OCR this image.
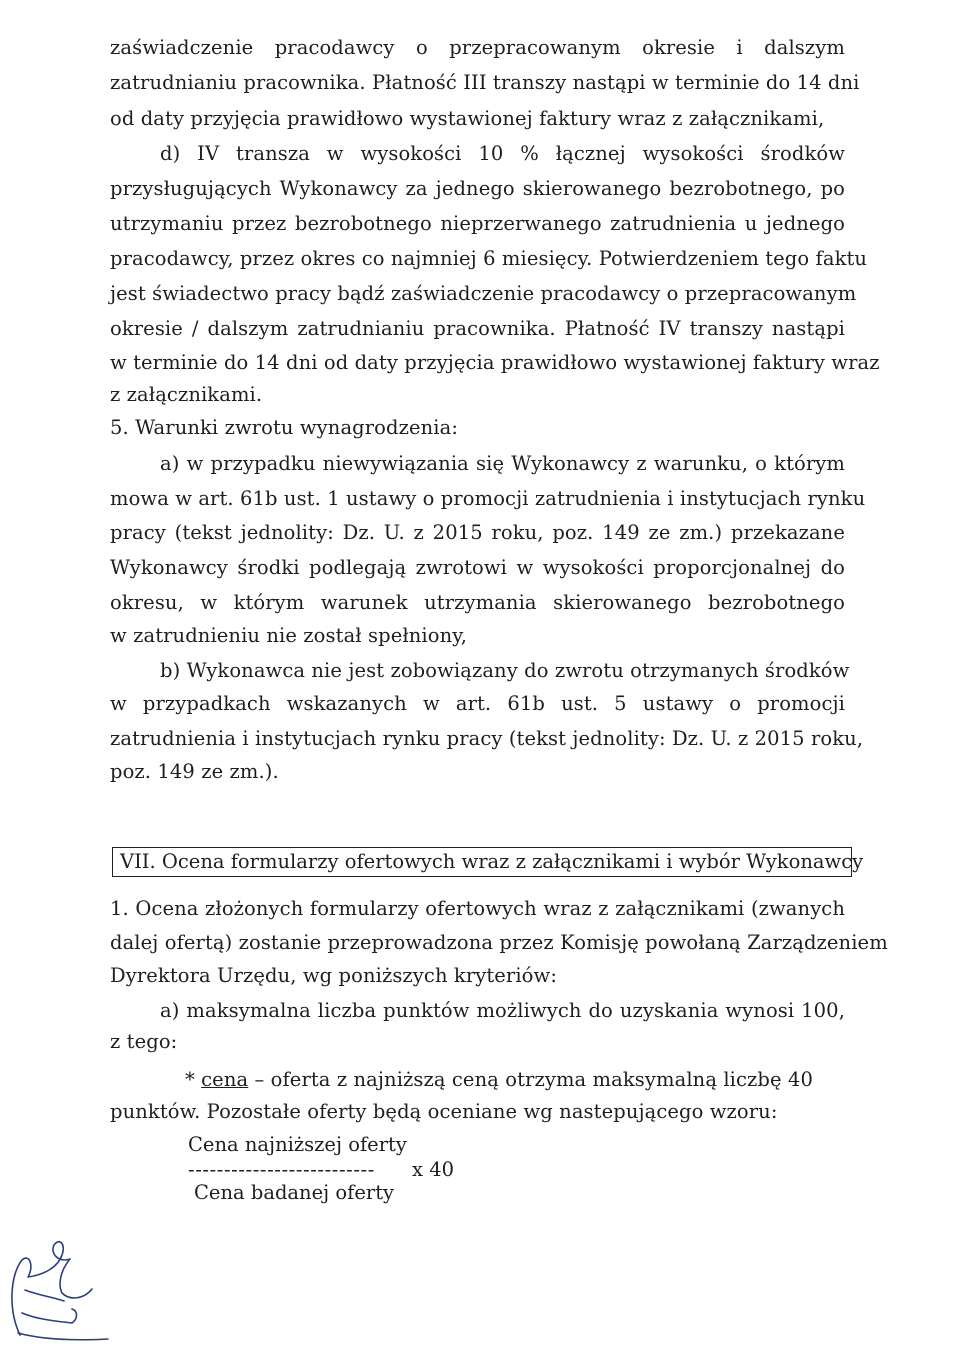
zaświadczenie pracodawcy o przepracowanym okresie i dalszym
zatrudnianiu pracownika. Płatność III transzy nastąpi w terminie do 14 dni
od daty przyjęcia prawidłowo wystawionej faktury wraz z załącznikami,
d) IV transza w wysokości 10 % łącznej wysokości środków
przysługujących Wykonawcy za jednego skierowanego bezrobotnego, po
utrzymaniu przez bezrobotnego nieprzerwanego zatrudnienia u jednego
pracodawcy, przez okres co najmniej 6 miesięcy. Potwierdzeniem tego faktu
jest świadectwo pracy bądź zaświadczenie pracodawcy o przepracowanym
okresie / dalszym zatrudnianiu pracownika. Płatność IV transzy nastąpi
w terminie do 14 dni od daty przyjęcia prawidłowo wystawionej faktury wraz
z załącznikami.
5. Warunki zwrotu wynagrodzenia:
a) w przypadku niewywiązania się Wykonawcy z warunku, o którym
mowa w art. 61b ust. 1 ustawy o promocji zatrudnienia i instytucjach rynku
pracy (tekst jednolity: Dz. U. z 2015 roku, poz. 149 ze zm.) przekazane
Wykonawcy środki podlegają zwrotowi w wysokości proporcjonalnej do
okresu, w którym warunek utrzymania skierowanego bezrobotnego
w zatrudnieniu nie został spełniony,
b) Wykonawca nie jest zobowiązany do zwrotu otrzymanych środków
w przypadkach wskazanych w art. 61b ust. 5 ustawy o promocji
zatrudnienia i instytucjach rynku pracy (tekst jednolity: Dz. U. z 2015 roku,
poz. 149 ze zm.).
VII. Ocena formularzy ofertowych wraz z załącznikami i wybór Wykonawcy
1. Ocena złożonych formularzy ofertowych wraz z załącznikami (zwanych
dalej ofertą) zostanie przeprowadzona przez Komisję powołaną Zarządzeniem
Dyrektora Urzędu, wg poniższych kryteriów:
a) maksymalna liczba punktów możliwych do uzyskania wynosi 100,
z tego:
* cena – oferta z najniższą ceną otrzyma maksymalną liczbę 40
punktów. Pozostałe oferty będą oceniane wg nastepującego wzoru:
Cena najniższej oferty
-------------------------- x 40
Cena badanej oferty
